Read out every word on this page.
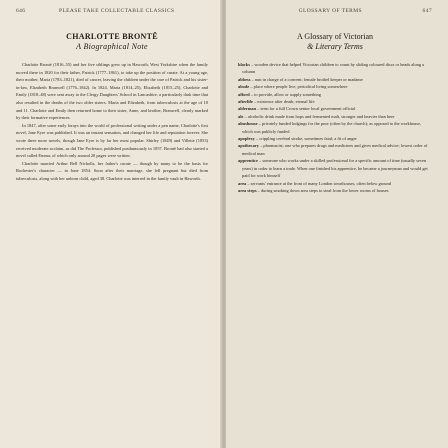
646	PLEASE TAKE COLLECTABLE CLASSICS
CHARLOTTE BRONTË
A Biographical Note

Charlotte Brontë (1816–55) and her five siblings grew up in Haworth, West Yorkshire when the family moved there in 1820 for their father, Patrick (1777–1861), to take up the position of curate. At a young age, their mother, Maria (1783–1821), died of cancer, leaving the children under the care of Patrick and his sister-in-law, Elizabeth Branwell (1776–1842). In 1824, Maria (1814–25), Elizabeth (1815–25), Charlotte and Emily (1818–48) were sent away to the Clergy Daughters' School in Lancashire, a particularly dark time that also resulted in the deaths of the two older sisters. Maria and Elizabeth, from tuberculosis at the age of 10 and 11. Charlotte and Emily then returned home to their sister, Anne, and brother, Branwell, clearly marked by their formative experiences.

In 1847, after some early forays into the world of professional writing under a pen name, Charlotte's first novel, Jane Eyre was published. It was an instant sensation, and changed her life and reputation forever. She wrote three more novels, though Jane Eyre is by far her most popular. Shirley (1849) and Villette (1853) received moderate acclaim, as did The Professor, published posthumously in 1857. Brontë had also started a novel called Emma, of which only around 20 pages were written.

Charlotte married Arthur Bell Nicholls, her father's curate — though by many to be the basis for Rochester's character — in June 1854. Soon after their marriage, she fell pregnant but died from tuberculosis, along with her unborn child, aged 38. Charlotte was interred in the family vault in Haworth.

GLOSSARY OF TERMS	647
A Glossary of Victorian
& Literary Terms
blacks – wooden device that helped Victorian children to count by sliding coloured discs or beads along a column
abbess – nun in charge of a convent; female brothel keeper or madame
abode – place where people live; periodical living somewhere
afford – to provide, allow or supply something
afterlife – existence after death; eternal life
alderman – term for a full Crown senior local government official
ale – alcoholic drink made from hops and fermented malt, stronger and heavier than beer
almshouse – privately funded lodgings for the poor (often by the church); as opposed to the workhouse, which was publicly funded
apoplexy – crippling cerebral stroke, sometimes fatal; a fit of anger
apothecary – pharmacist; one who prepares drugs and medicines and gives medical advice; lowest order of medical man
apprentice – someone who works under a skilled professional for a specific amount of time (usually seven years) in order to learn a trade. When one finished his apprentice, he became a journeyman and would get paid for work himself
area – servants' entrance at the front of many London townhouses, often below ground
area steps – during smoking down area steps to steal from the lower rooms of houses
